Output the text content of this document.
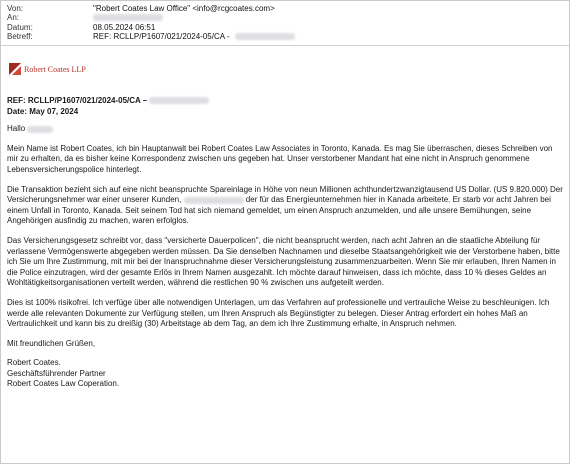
Von:	"Robert Coates Law Office" <info@rcgcoates.com>
An:
Datum:	08.05.2024 06:51
Betreff:	REF: RCLLP/P1607/021/2024-05/CA -
Robert Coates LLP
REF: RCLLP/P1607/021/2024-05/CA –
Date: May 07, 2024
Hallo

Mein Name ist Robert Coates, ich bin Hauptanwalt bei Robert Coates Law Associates in Toronto, Kanada. Es mag Sie überraschen, dieses Schreiben von mir zu erhalten, da es bisher keine Korrespondenz zwischen uns gegeben hat. Unser verstorbener Mandant hat eine nicht in Anspruch genommene Lebensversicherungspolice hinterlegt.

Die Transaktion bezieht sich auf eine nicht beanspruchte Spareinlage in Höhe von neun Millionen achthundertzwanzigtausend US Dollar. (US 9.820.000) Der Versicherungsnehmer war einer unserer Kunden,	der für das Energieunternehmen hier in Kanada arbeitete. Er starb vor acht Jahren bei einem Unfall in Toronto, Kanada. Seit seinem Tod hat sich niemand gemeldet, um einen Anspruch anzumelden, und alle unsere Bemühungen, seine Angehörigen ausfindig zu machen, waren erfolglos.

Das Versicherungsgesetz schreibt vor, dass "versicherte Dauerpolicen", die nicht beansprucht werden, nach acht Jahren an die staatliche Abteilung für verlassene Vermögenswerte abgegeben werden müssen. Da Sie denselben Nachnamen und dieselbe Staatsangehörigkeit wie der Verstorbene haben, bitte ich Sie um Ihre Zustimmung, mit mir bei der Inanspruchnahme dieser Versicherungsleistung zusammenzuarbeiten. Wenn Sie mir erlauben, Ihren Namen in die Police einzutragen, wird der gesamte Erlös in Ihrem Namen ausgezahlt. Ich möchte darauf hinweisen, dass ich möchte, dass 10 % dieses Geldes an Wohltätigkeitsorganisationen verteilt werden, während die restlichen 90 % zwischen uns aufgeteilt werden.

Dies ist 100% risikofrei. Ich verfüge über alle notwendigen Unterlagen, um das Verfahren auf professionelle und vertrauliche Weise zu beschleunigen. Ich werde alle relevanten Dokumente zur Verfügung stellen, um Ihren Anspruch als Begünstigter zu belegen. Dieser Antrag erfordert ein hohes Maß an Vertraulichkeit und kann bis zu dreißig (30) Arbeitstage ab dem Tag, an dem ich Ihre Zustimmung erhalte, in Anspruch nehmen.

Mit freundlichen Grüßen,

Robert Coates.

Geschäftsführender Partner

Robert Coates Law Coperation.
